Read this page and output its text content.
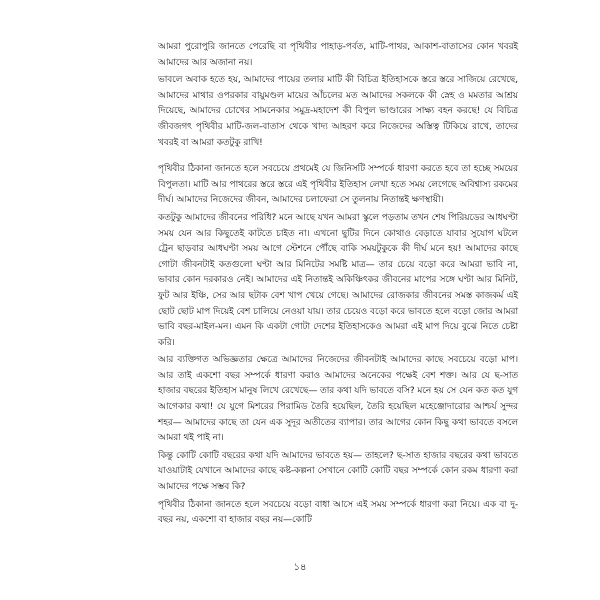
আমরা পুরোপুরি জানতে পেরেছি বা পৃথিবীর পাহাড়-পর্বত, মাটি-পাথর, আকাশ-বাতাসের কোন খবরই আমাদের আর অজানা নয়।

ভাবলে অবাক হতে হয়, আমাদের পায়ের তলার মাটি কী বিচিত্র ইতিহাসকে স্তরে স্তরে সাজিয়ে রেখেছে, আমাদের মাথার ওপরকার বায়ুমণ্ডল মায়ের আঁচলের মত আমাদের সকলকে কী স্নেহ ও মমতার আশ্রয় দিয়েছে, আমাদের চোখের সামনেকার সমুদ্র-মহাদেশ কী বিপুল ভাণ্ডারের সাক্ষ্য বহন করছে! যে বিচিত্র জীবজগৎ পৃথিবীর মাটি-জল-বাতাস থেকে খাদ্য আহরণ করে নিজেদের অস্তিত্ব টিকিয়ে রাখে, তাদের খবরই বা আমরা কতটুকু রাখি!

পৃথিবীর ঠিকানা জানতে হলে সবচেয়ে প্রথমেই যে জিনিসটি সম্পর্কে ধারণা করতে হবে তা হচ্ছে সময়ের বিপুলতা। মাটি আর পাথরের স্তরে স্তরে এই পৃথিবীর ইতিহাস লেখা হতে সময় লেগেছে অবিশ্বাস্য রকমের দীর্ঘ। আমাদের নিজেদের জীবন, আমাদের চলাফেরা সে তুলনায় নিতান্তই ক্ষণস্থায়ী।

কতটুকু আমাদের জীবনের পরিধি? মনে আছে যখন আমরা স্কুলে পড়তাম তখন শেষ পিরিয়ডের আধঘণ্টা সময় যেন আর কিছুতেই কাটতে চাইত না। এখনো ছুটির দিনে কোথাও বেড়াতে যাবার সুযোগ ঘটলে ট্রেন ছাড়বার আধঘণ্টা সময় আগে স্টেশনে পৌঁছে বাকি সময়টুকুকে কী দীর্ঘ মনে হয়! আমাদের কাছে গোটা জীবনটাই কতগুলো ঘণ্টা আর মিনিটের সমষ্টি মাত্র— তার চেয়ে বড়ো করে আমরা ভাবি না, ভাবার কোন দরকারও নেই। আমাদের এই নিতান্তই অকিঞ্চিৎকর জীবনের মাপের সঙ্গে ঘণ্টা আর মিনিট, ফুট আর ইঞ্চি, সের আর ছটাক বেশ খাপ খেয়ে গেছে। আমাদের রোজকার জীবনের সমস্ত কাজকর্ম এই ছোট ছোট মাপ দিয়েই বেশ চালিয়ে নেওয়া যায়। তার চেয়েও বড়ো করে ভাবতে হলে বড়ো জোর আমরা ভাবি বছর-মাইল-মন। এমন কি একটা গোটা দেশের ইতিহাসকেও আমরা এই মাপ দিয়ে বুঝে নিতে চেষ্টা করি।

আর ব্যক্তিগত অভিজ্ঞতার ক্ষেত্রে আমাদের নিজেদের জীবনটাই আমাদের কাছে সবচেয়ে বড়ো মাপ। আর তাই একশো বছর সম্পর্কে ধারণা করাও আমাদের অনেকের পক্ষেই বেশ শক্ত। আর যে ছ-সাত হাজার বছরের ইতিহাস মানুষ লিখে রেখেছে— তার কথা যদি ভাবতে বসি? মনে হয় সে যেন কত কত যুগ আগেকার কথা! যে যুগে মিশরের পিরামিড তৈরি হয়েছিল, তৈরি হয়েছিল মহেঞ্জোদারোর আশ্চর্য সুন্দর শহর— আমাদের কাছে তা যেন এক সুদূর অতীতের ব্যাপার। তার আগের কোন কিছু কথা ভাবতে বসলে আমরা থই পাই না।

কিন্তু কোটি কোটি বছরের কথা যদি আমাদের ভাবতে হয়— তাহলে? ছ-সাত হাজার বছরের কথা ভাবতে যাওয়াটাই যেখানে আমাদের কাছে কষ্ট-কল্পনা সেখানে কোটি কোটি বছর সম্পর্কে কোন রকম ধারণা করা আমাদের পক্ষে সম্ভব কি?

পৃথিবীর ঠিকানা জানতে হলে সবচেয়ে বড়ো বাধা আসে এই সময় সম্পর্কে ধারণা করা নিয়ে। এক বা দু-বছর নয়, একশো বা হাজার বছর নয়—কোটি

১৪
